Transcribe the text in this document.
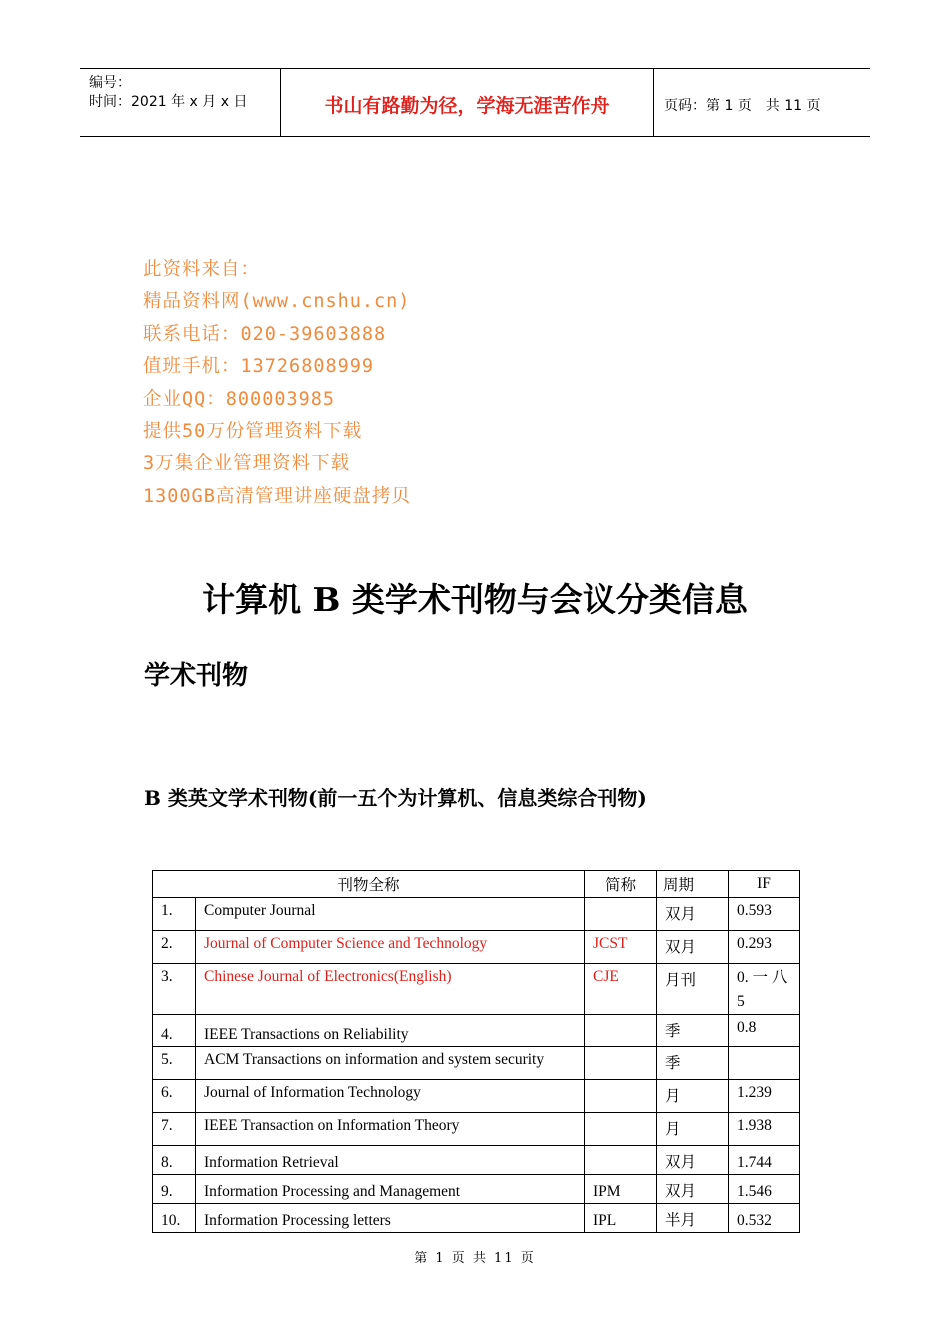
编号：
时间：2021 年 x 月 x 日	书山有路勤为径，学海无涯苦作舟	页码：第 1 页　共 11 页
此资料来自：
精品资料网(www.cnshu.cn)
联系电话：020-39603888
值班手机：13726808999
企业QQ：800003985
提供50万份管理资料下载
3万集企业管理资料下载
1300GB高清管理讲座硬盘拷贝
计算机 B 类学术刊物与会议分类信息
学术刊物
B 类英文学术刊物(前一五个为计算机、信息类综合刊物)
刊物全称		简称	周期	IF
1.	Computer Journal		双月	0.593
2.	Journal of Computer Science and Technology	JCST	双月	0.293
3.	Chinese Journal of Electronics(English)	CJE	月刊	0. 一 八 5
4.	IEEE Transactions on Reliability		季	0.8
5.	ACM Transactions on information and system security		季	
6.	Journal of Information Technology		月	1.239
7.	IEEE Transaction on Information Theory		月	1.938
8.	Information Retrieval		双月	1.744
9.	Information Processing and Management	IPM	双月	1.546
10.	Information Processing letters	IPL	半月	0.532
第 1 页 共 11 页
